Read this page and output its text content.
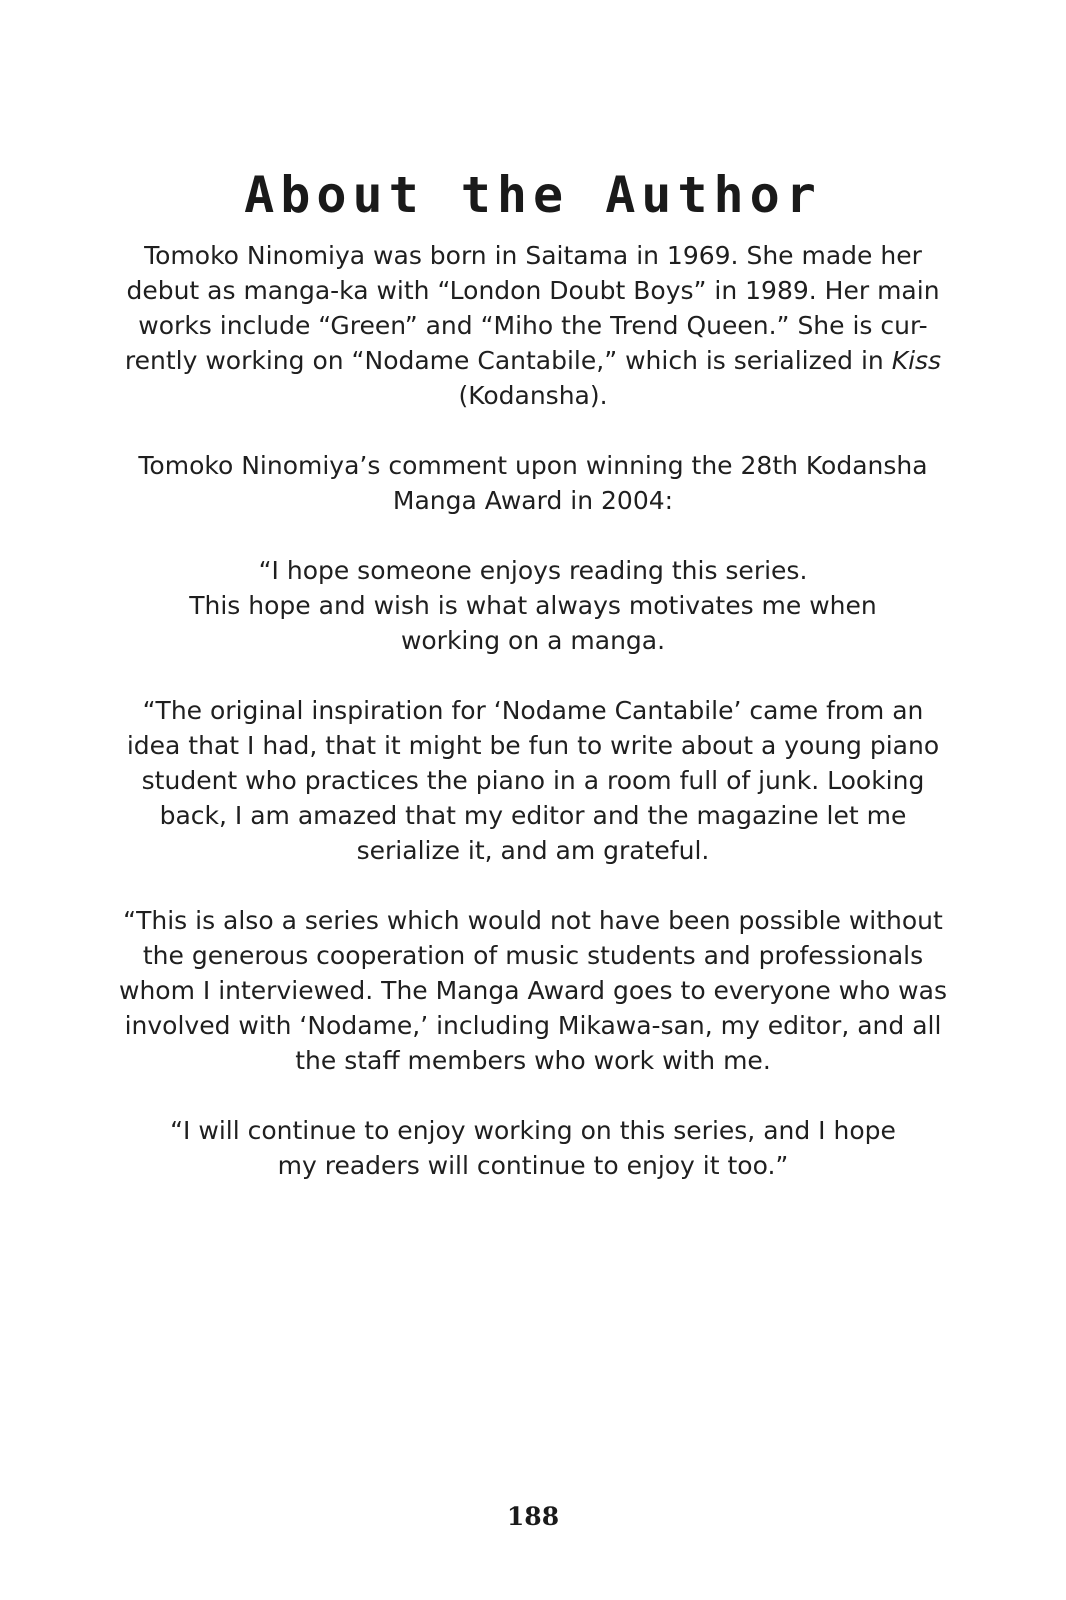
About the Author

Tomoko Ninomiya was born in Saitama in 1969. She made her
debut as manga-ka with “London Doubt Boys” in 1989. Her main
works include “Green” and “Miho the Trend Queen.” She is cur-
rently working on “Nodame Cantabile,” which is serialized in Kiss
(Kodansha).

Tomoko Ninomiya’s comment upon winning the 28th Kodansha
Manga Award in 2004:

“I hope someone enjoys reading this series.
This hope and wish is what always motivates me when
working on a manga.

“The original inspiration for ‘Nodame Cantabile’ came from an
idea that I had, that it might be fun to write about a young piano
student who practices the piano in a room full of junk. Looking
back, I am amazed that my editor and the magazine let me
serialize it, and am grateful.

“This is also a series which would not have been possible without
the generous cooperation of music students and professionals
whom I interviewed. The Manga Award goes to everyone who was
involved with ‘Nodame,’ including Mikawa-san, my editor, and all
the staff members who work with me.

“I will continue to enjoy working on this series, and I hope
my readers will continue to enjoy it too.”

188
